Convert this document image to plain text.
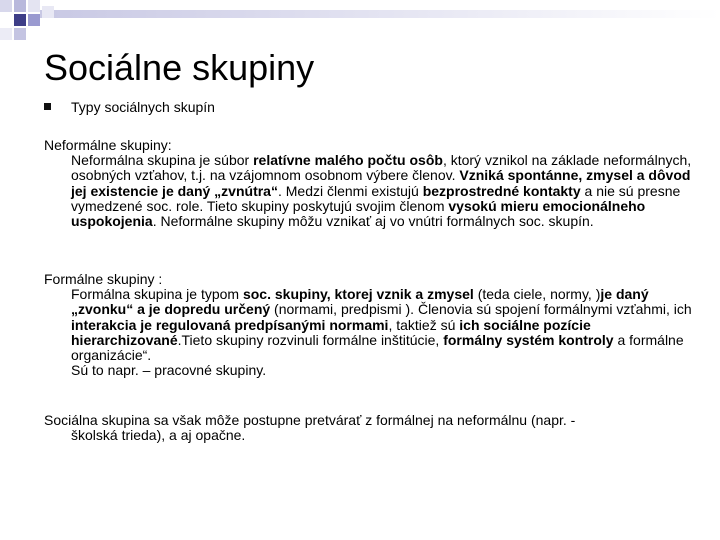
Sociálne skupiny
Typy sociálnych skupín
Neformálne skupiny:
Neformálna skupina je súbor relatívne malého počtu osôb, ktorý vznikol na základe neformálnych, osobných vzťahov, t.j. na vzájomnom osobnom výbere členov. Vzniká spontánne, zmysel a dôvod jej existencie je daný „zvnútra“. Medzi členmi existujú bezprostredné kontakty a nie sú presne vymedzené soc. role. Tieto skupiny poskytujú svojim členom vysokú mieru emocionálneho uspokojenia. Neformálne skupiny môžu vznikať aj vo vnútri formálnych soc. skupín.
Formálne skupiny :
Formálna skupina je typom soc. skupiny, ktorej vznik a zmysel (teda ciele, normy, )je daný „zvonku“ a je dopredu určený (normami, predpismi ). Členovia sú spojení formálnymi vzťahmi, ich interakcia je regulovaná predpísanými normami, taktiež sú ich sociálne pozície hierarchizované.Tieto skupiny rozvinuli formálne inštitúcie, formálny systém kontroly a formálne organizácie“.
Sú to napr. – pracovné skupiny.
Sociálna skupina sa však môže postupne pretvárať z formálnej na neformálnu (napr. -
školská trieda), a aj opačne.
